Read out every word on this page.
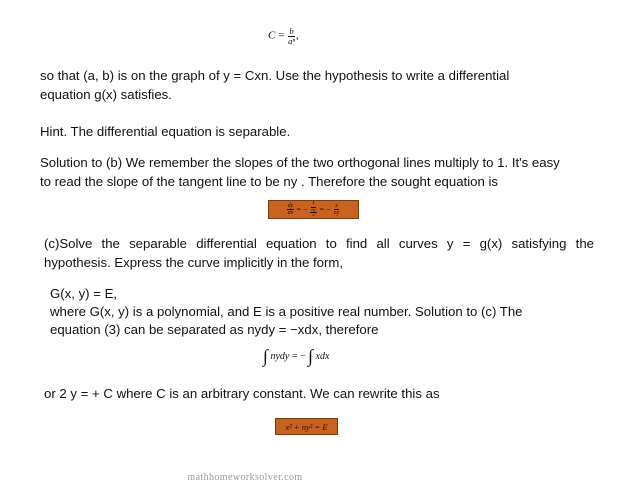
$C = \frac{b}{\text{aⁿ}}$ ,

so that (a, b) is on the graph of y = Cxn. Use the hypothesis to write a differential

equation g(x) satisfies.

Hint. The differential equation is separable.

Solution to (b) We remember the slopes of the two orthogonal lines multiply to 1. It's easy

to read the slope of the tangent line to be ny . Therefore the sought equation is

$\frac{dy}{dx}$ = − $\frac{1}{\frac{ny}{x}}$ = − $\frac{x}{ny}$

(c)Solve the separable differential equation to find all curves y = g(x) satisfying the

hypothesis. Express the curve implicitly in the form,

G(x, y) = E,

where G(x, y) is a polynomial, and E is a positive real number. Solution to (c) The

equation (3) can be separated as nydy = −xdx, therefore

∫ nydy = − ∫ xdx

or 2 y = + C where C is an arbitrary constant. We can rewrite this as

x² + ny² = E
mathhomeworksolver.com
